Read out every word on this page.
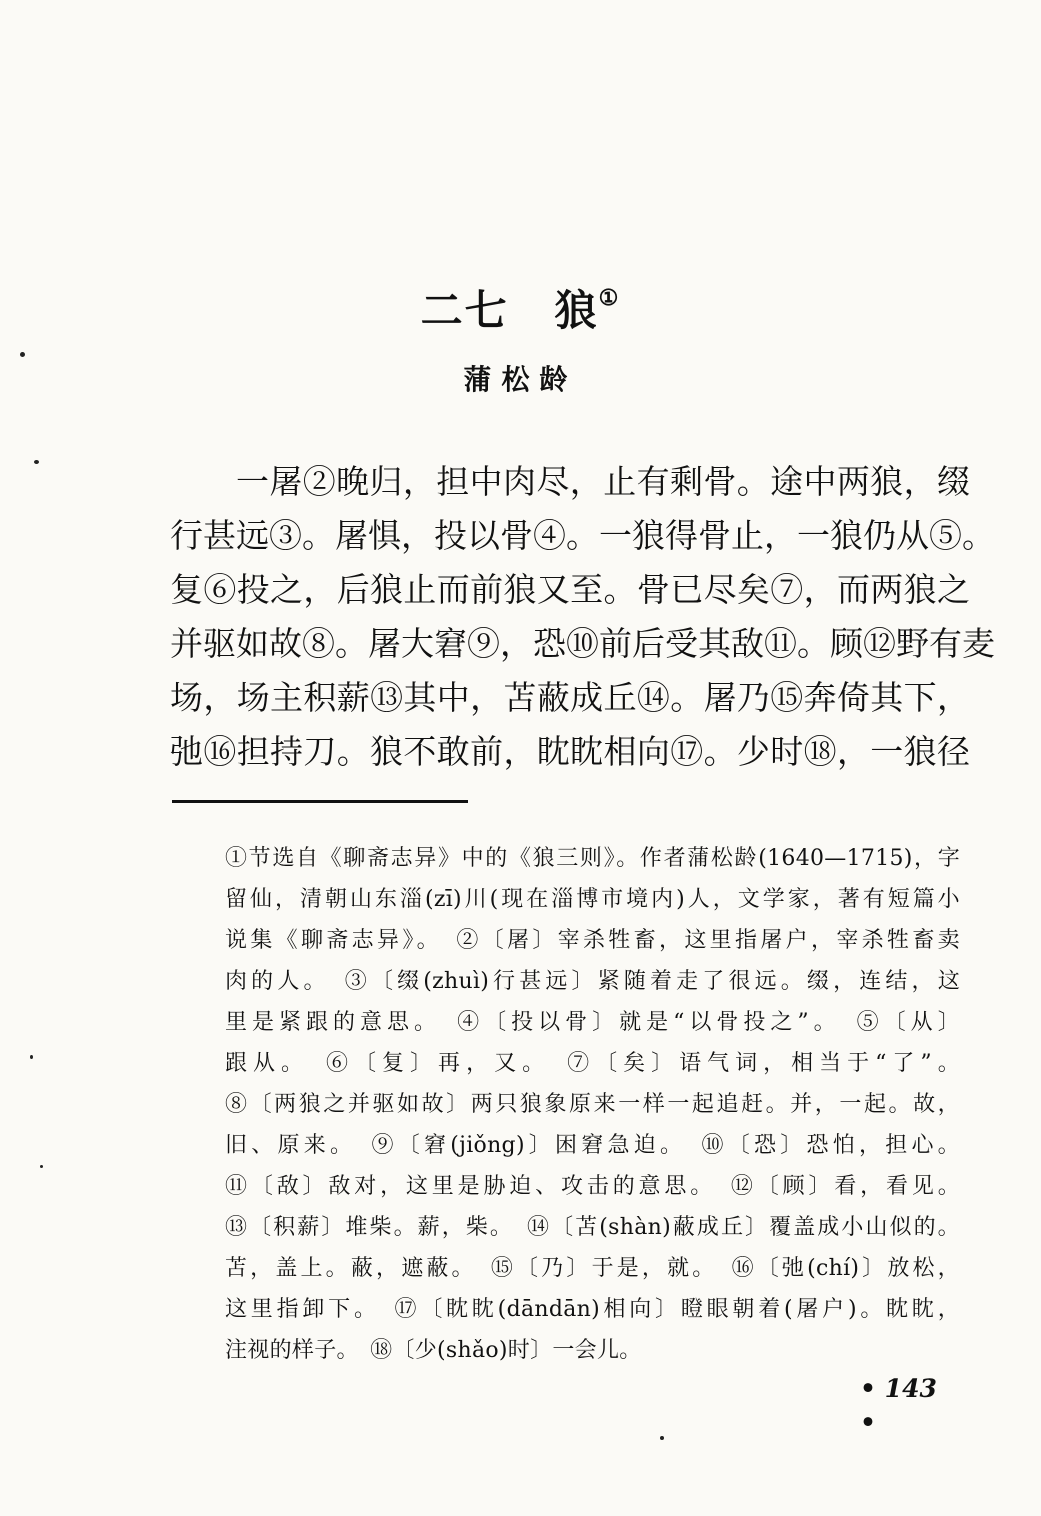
二七 狼①
蒲松龄
一屠②晚归，担中肉尽，止有剩骨。途中两狼，缀
行甚远③。屠惧，投以骨④。一狼得骨止，一狼仍从⑤。
复⑥投之，后狼止而前狼又至。骨已尽矣⑦，而两狼之
并驱如故⑧。屠大窘⑨，恐⑩前后受其敌⑪。顾⑫野有麦
场，场主积薪⑬其中，苫蔽成丘⑭。屠乃⑮奔倚其下，
弛⑯担持刀。狼不敢前，眈眈相向⑰。少时⑱，一狼径
①节选自《聊斋志异》中的《狼三则》。作者蒲松龄(1640—1715)，字
留仙，清朝山东淄(zī)川(现在淄博市境内)人，文学家，著有短篇小
说集《聊斋志异》。　②〔屠〕宰杀牲畜，这里指屠户，宰杀牲畜卖
肉的人。　③〔缀(zhuì)行甚远〕紧随着走了很远。缀，连结，这
里是紧跟的意思。　④〔投以骨〕就是“以骨投之”。　⑤〔从〕
跟从。　⑥〔复〕再，又。　⑦〔矣〕语气词，相当于“了”。
⑧〔两狼之并驱如故〕两只狼象原来一样一起追赶。并，一起。故，
旧、原来。　⑨〔窘(jiǒng)〕困窘急迫。　⑩〔恐〕恐怕，担心。
⑪〔敌〕敌对，这里是胁迫、攻击的意思。　⑫〔顾〕看，看见。
⑬〔积薪〕堆柴。薪，柴。　⑭〔苫(shàn)蔽成丘〕覆盖成小山似的。
苫，盖上。蔽，遮蔽。　⑮〔乃〕于是，就。　⑯〔弛(chí)〕放松，
这里指卸下。　⑰〔眈眈(dāndān)相向〕瞪眼朝着(屠户)。眈眈，
注视的样子。　⑱〔少(shǎo)时〕一会儿。
• 143 •
